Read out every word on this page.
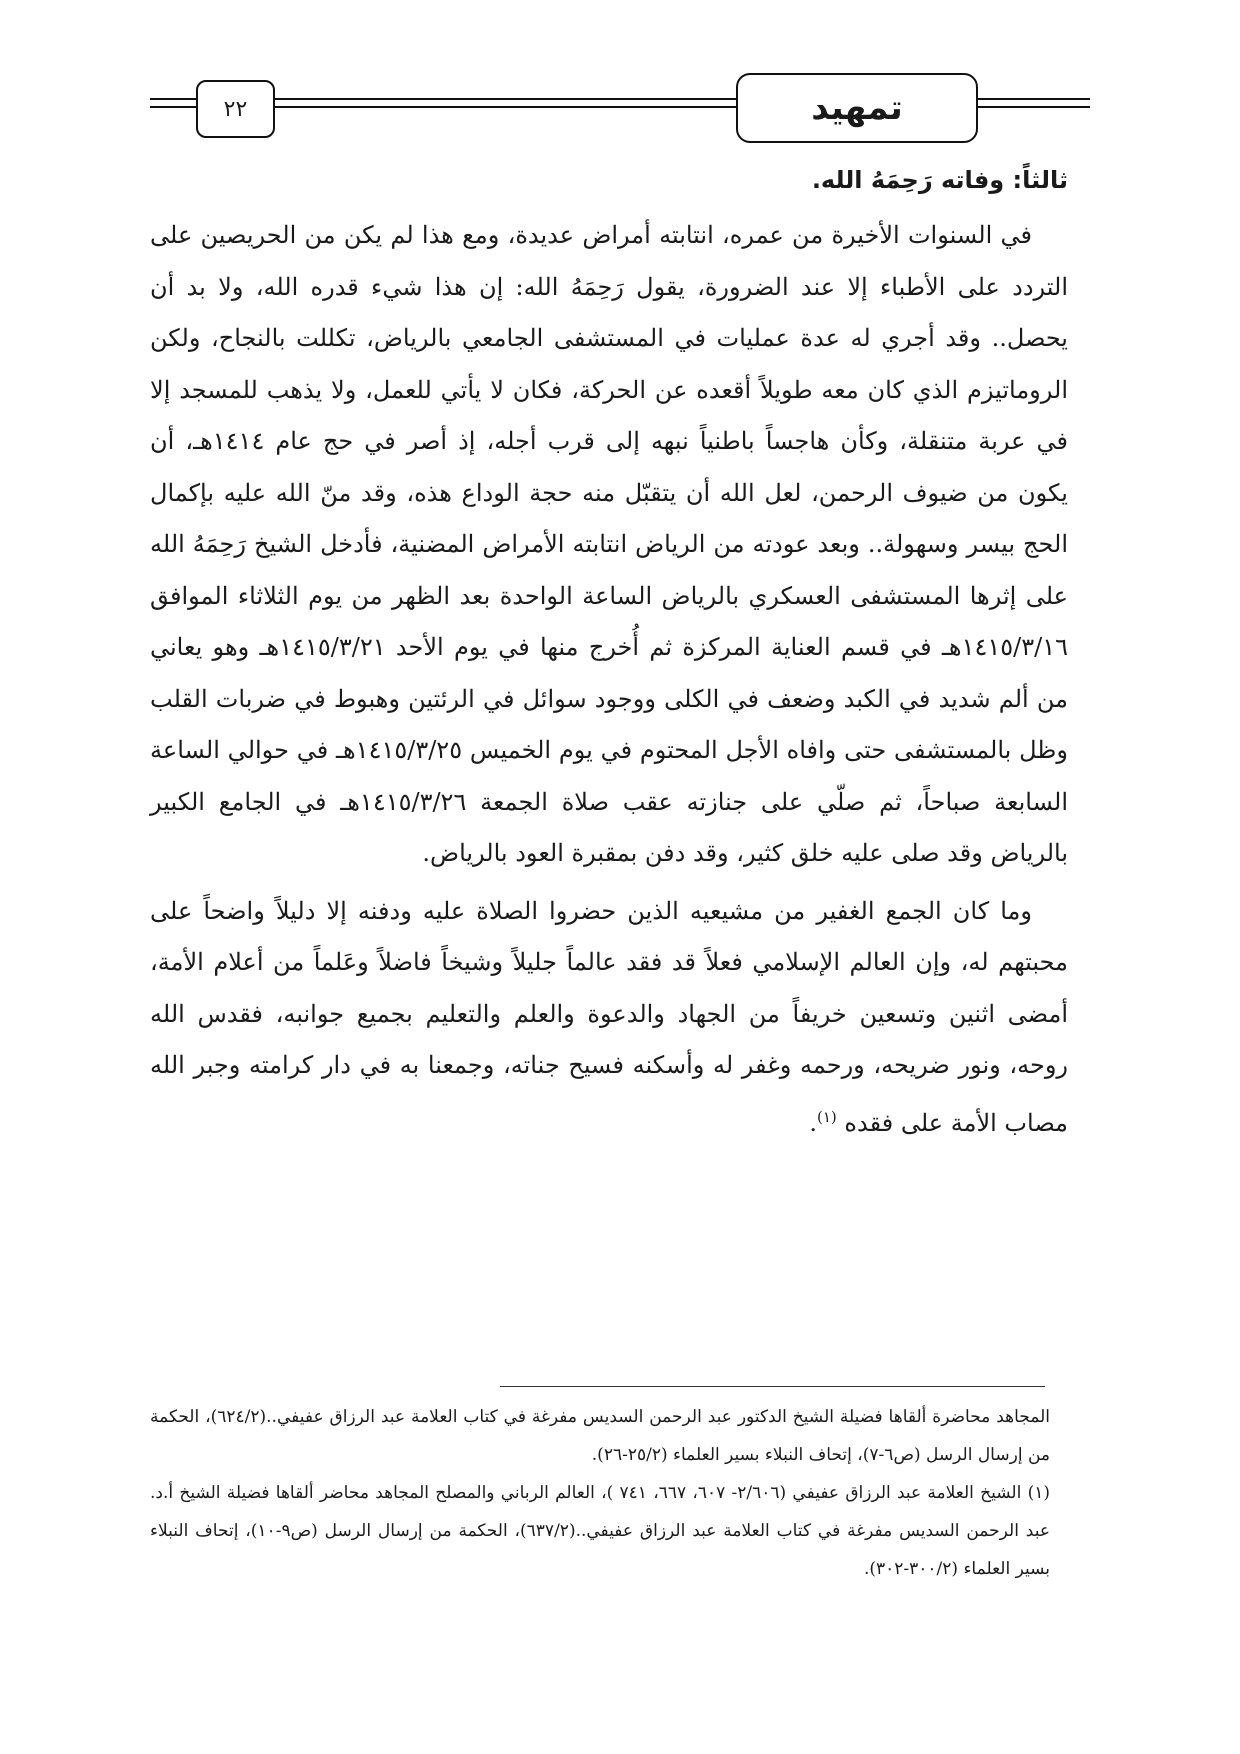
٢٢	تمهيد
ثالثاً: وفاته رَحِمَهُ الله.

في السنوات الأخيرة من عمره، انتابته أمراض عديدة، ومع هذا لم يكن من الحريصين على التردد على الأطباء إلا عند الضرورة، يقول رَحِمَهُ الله: إن هذا شيء قدره الله، ولا بد أن يحصل.. وقد أجري له عدة عمليات في المستشفى الجامعي بالرياض، تكللت بالنجاح، ولكن الروماتيزم الذي كان معه طويلاً أقعده عن الحركة، فكان لا يأتي للعمل، ولا يذهب للمسجد إلا في عربة متنقلة، وكأن هاجساً باطنياً نبهه إلى قرب أجله، إذ أصر في حج عام ١٤١٤هـ، أن يكون من ضيوف الرحمن، لعل الله أن يتقبّل منه حجة الوداع هذه، وقد منّ الله عليه بإكمال الحج بيسر وسهولة.. وبعد عودته من الرياض انتابته الأمراض المضنية، فأدخل الشيخ رَحِمَهُ الله على إثرها المستشفى العسكري بالرياض الساعة الواحدة بعد الظهر من يوم الثلاثاء الموافق ١٤١٥/٣/١٦هـ في قسم العناية المركزة ثم أُخرج منها في يوم الأحد ١٤١٥/٣/٢١هـ وهو يعاني من ألم شديد في الكبد وضعف في الكلى ووجود سوائل في الرئتين وهبوط في ضربات القلب وظل بالمستشفى حتى وافاه الأجل المحتوم في يوم الخميس ١٤١٥/٣/٢٥هـ في حوالي الساعة السابعة صباحاً، ثم صلّي على جنازته عقب صلاة الجمعة ١٤١٥/٣/٢٦هـ في الجامع الكبير بالرياض وقد صلى عليه خلق كثير، وقد دفن بمقبرة العود بالرياض.

وما كان الجمع الغفير من مشيعيه الذين حضروا الصلاة عليه ودفنه إلا دليلاً واضحاً على محبتهم له، وإن العالم الإسلامي فعلاً قد فقد عالماً جليلاً وشيخاً فاضلاً وعَلماً من أعلام الأمة، أمضى اثنين وتسعين خريفاً من الجهاد والدعوة والعلم والتعليم بجميع جوانبه، فقدس الله روحه، ونور ضريحه، ورحمه وغفر له وأسكنه فسيح جناته، وجمعنا به في دار كرامته وجبر الله مصاب الأمة على فقده $^{(١)}$.

المجاهد محاضرة ألقاها فضيلة الشيخ الدكتور عبد الرحمن السديس مفرغة في كتاب العلامة عبد الرزاق عفيفي..(٦٢٤/٢)، الحكمة من إرسال الرسل (ص٦-٧)، إتحاف النبلاء بسير العلماء (٢٥/٢-٢٦).

(١) الشيخ العلامة عبد الرزاق عفيفي (٢/٦٠٦- ٦٠٧، ٦٦٧، ٧٤١ )، العالم الرباني والمصلح المجاهد محاضر ألقاها فضيلة الشيخ أ.د. عبد الرحمن السديس مفرغة في كتاب العلامة عبد الرزاق عفيفي..(٦٣٧/٢)، الحكمة من إرسال الرسل (ص٩-١٠)، إتحاف النبلاء بسير العلماء (٣٠٠/٢-٣٠٢).
